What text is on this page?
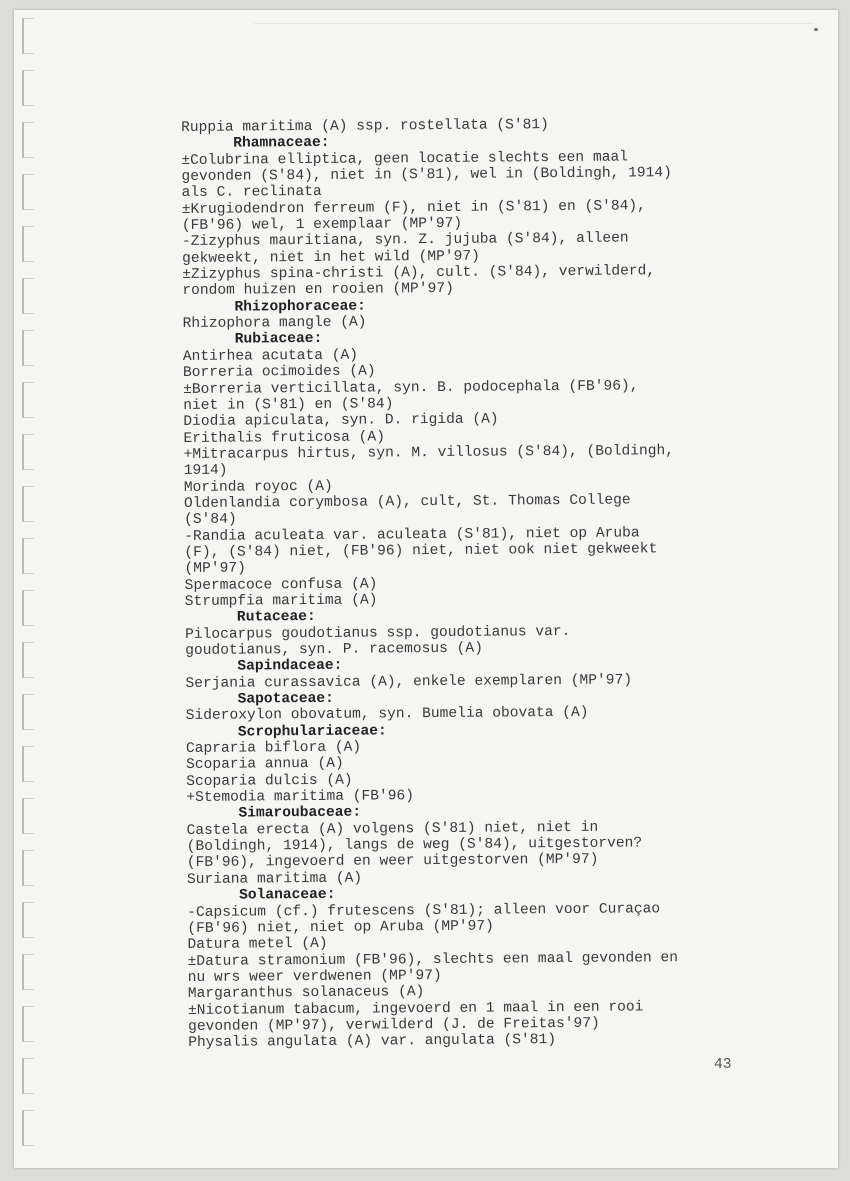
Ruppia maritima (A) ssp. rostellata (S'81)
Rhamnaceae:
±Colubrina elliptica, geen locatie slechts een maal
gevonden (S'84), niet in (S'81), wel in (Boldingh, 1914)
als C. reclinata
±Krugiodendron ferreum (F), niet in (S'81) en (S'84),
(FB'96) wel, 1 exemplaar (MP'97)
-Zizyphus mauritiana, syn. Z. jujuba (S'84), alleen
gekweekt, niet in het wild (MP'97)
±Zizyphus spina-christi (A), cult. (S'84), verwilderd,
rondom huizen en rooien (MP'97)
Rhizophoraceae:
Rhizophora mangle (A)
Rubiaceae:
Antirhea acutata (A)
Borreria ocimoides (A)
±Borreria verticillata, syn. B. podocephala (FB'96),
niet in (S'81) en (S'84)
Diodia apiculata, syn. D. rigida (A)
Erithalis fruticosa (A)
+Mitracarpus hirtus, syn. M. villosus (S'84), (Boldingh,
1914)
Morinda royoc (A)
Oldenlandia corymbosa (A), cult, St. Thomas College
(S'84)
-Randia aculeata var. aculeata (S'81), niet op Aruba
(F), (S'84) niet, (FB'96) niet, niet ook niet gekweekt
(MP'97)
Spermacoce confusa (A)
Strumpfia maritima (A)
Rutaceae:
Pilocarpus goudotianus ssp. goudotianus var.
goudotianus, syn. P. racemosus (A)
Sapindaceae:
Serjania curassavica (A), enkele exemplaren (MP'97)
Sapotaceae:
Sideroxylon obovatum, syn. Bumelia obovata (A)
Scrophulariaceae:
Capraria biflora (A)
Scoparia annua (A)
Scoparia dulcis (A)
+Stemodia maritima (FB'96)
Simaroubaceae:
Castela erecta (A) volgens (S'81) niet, niet in
(Boldingh, 1914), langs de weg (S'84), uitgestorven?
(FB'96), ingevoerd en weer uitgestorven (MP'97)
Suriana maritima (A)
Solanaceae:
-Capsicum (cf.) frutescens (S'81); alleen voor Curaçao
(FB'96) niet, niet op Aruba (MP'97)
Datura metel (A)
±Datura stramonium (FB'96), slechts een maal gevonden en
nu wrs weer verdwenen (MP'97)
Margaranthus solanaceus (A)
±Nicotianum tabacum, ingevoerd en 1 maal in een rooi
gevonden (MP'97), verwilderd (J. de Freitas'97)
Physalis angulata (A) var. angulata (S'81)
43
